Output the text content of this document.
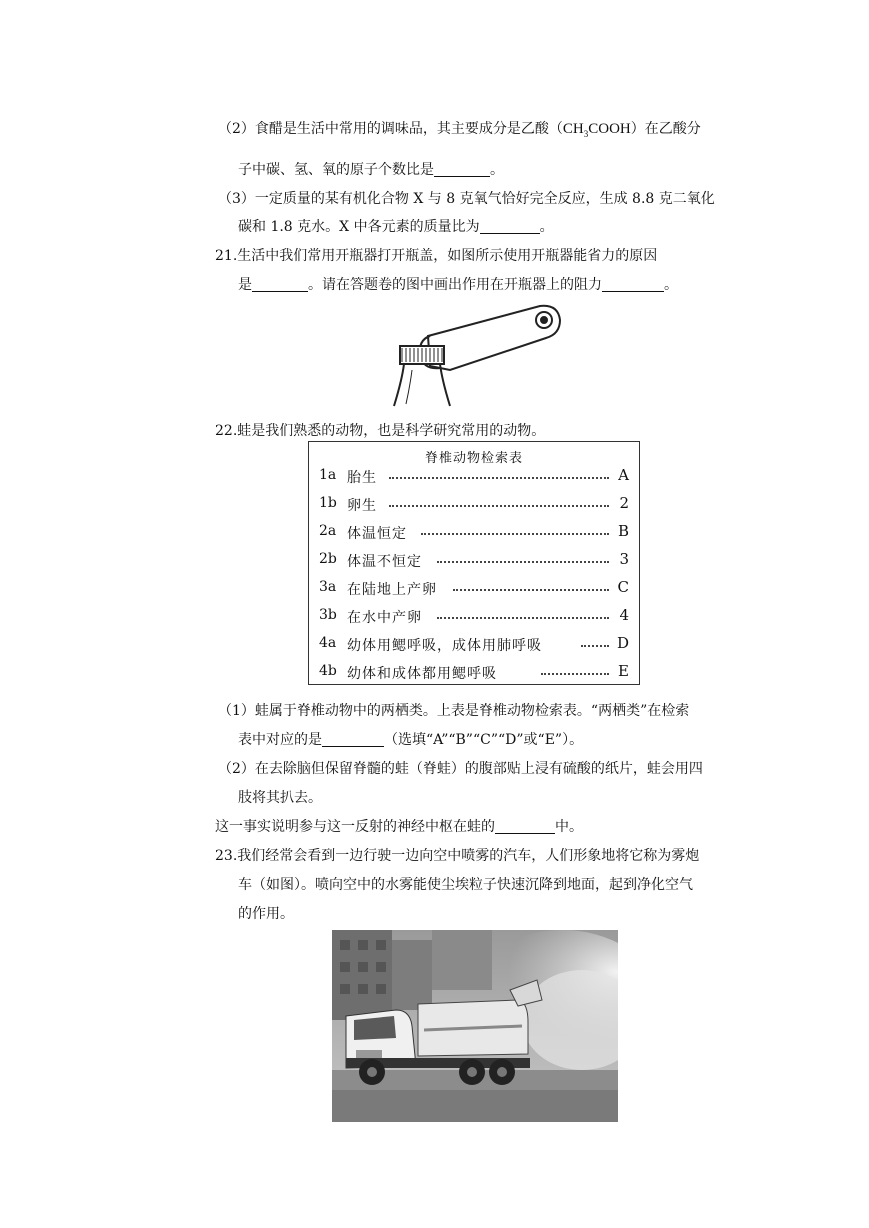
（2）食醋是生活中常用的调味品，其主要成分是乙酸$(CH_3COOH)$在乙酸分
子中碳、氢、氧的原子个数比是	。
（3）一定质量的某有机化合物 X 与 8 克氧气恰好完全反应，生成 8.8 克二氧化
碳和 1.8 克水。X 中各元素的质量比为	。
21.生活中我们常用开瓶器打开瓶盖，如图所示使用开瓶器能省力的原因
是	。请在答题卷的图中画出作用在开瓶器上的阻力	。
22.蛙是我们熟悉的动物，也是科学研究常用的动物。
脊椎动物检索表
1a 胎生	A
1b 卵生	2
2a 体温恒定	B
2b 体温不恒定	3
3a 在陆地上产卵	C
3b 在水中产卵	4
4a 幼体用鳃呼吸，成体用肺呼吸	D
4b 幼体和成体都用鳃呼吸	E
（1）蛙属于脊椎动物中的两栖类。上表是脊椎动物检索表。“两栖类”在检索
表中对应的是	（选填“A”“B”“C”“D”或“E”）。
（2）在去除脑但保留脊髓的蛙（脊蛙）的腹部贴上浸有硫酸的纸片，蛙会用四
肢将其扒去。
这一事实说明参与这一反射的神经中枢在蛙的	中。
23.我们经常会看到一边行驶一边向空中喷雾的汽车，人们形象地将它称为雾炮
车（如图）。喷向空中的水雾能使尘埃粒子快速沉降到地面，起到净化空气
的作用。
